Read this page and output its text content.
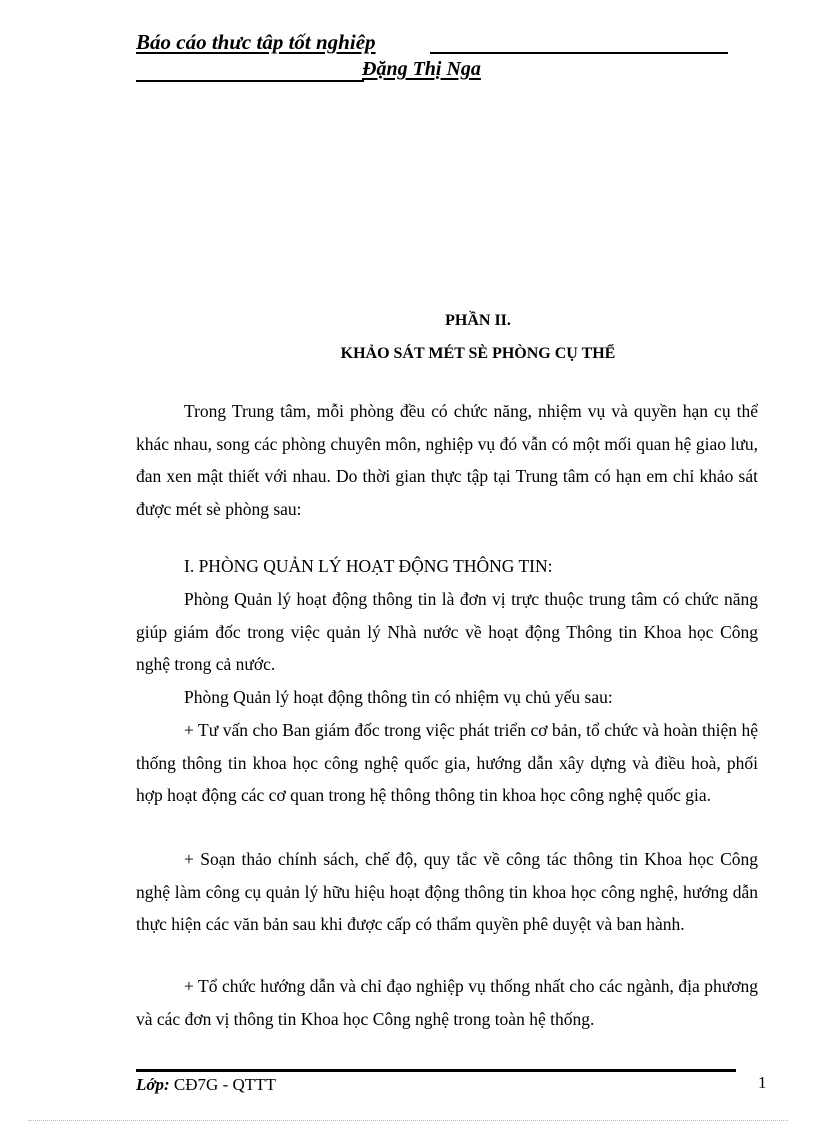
Báo cáo thưc tâp tốt nghiêp
Đặng Thị Nga
PHẦN II.
KHẢO SÁT MÉT SÈ PHÒNG CỤ THỂ

Trong Trung tâm, mỗi phòng đều có chức năng, nhiệm vụ và quyền hạn cụ thể khác nhau, song các phòng chuyên môn, nghiệp vụ đó vẫn có một mối quan hệ giao lưu, đan xen mật thiết với nhau. Do thời gian thực tập tại Trung tâm có hạn em chỉ khảo sát được mét sè phòng sau:

I. PHÒNG QUẢN LÝ HOẠT ĐỘNG THÔNG TIN:

Phòng Quản lý hoạt động thông tin là đơn vị trực thuộc trung tâm có chức năng giúp giám đốc trong việc quản lý Nhà nước về hoạt động Thông tin Khoa học Công nghệ trong cả nước.

Phòng Quản lý hoạt động thông tin có nhiệm vụ chủ yếu sau:

+ Tư vấn cho Ban giám đốc trong việc phát triển cơ bản, tổ chức và hoàn thiện hệ thống thông tin khoa học công nghệ quốc gia, hướng dẫn xây dựng và điều hoà, phối hợp hoạt động các cơ quan trong hệ thông thông tin khoa học công nghệ quốc gia.

+ Soạn thảo chính sách, chế độ, quy tắc về công tác thông tin Khoa học Công nghệ làm công cụ quản lý hữu hiệu hoạt động thông tin khoa học công nghệ, hướng dẫn thực hiện các văn bản sau khi được cấp có thẩm quyền phê duyệt và ban hành.

+ Tổ chức hướng dẫn và chỉ đạo nghiệp vụ thống nhất cho các ngành, địa phương và các đơn vị thông tin Khoa học Công nghệ trong toàn hệ thống.

Lớp: CĐ7G - QTTT	1
